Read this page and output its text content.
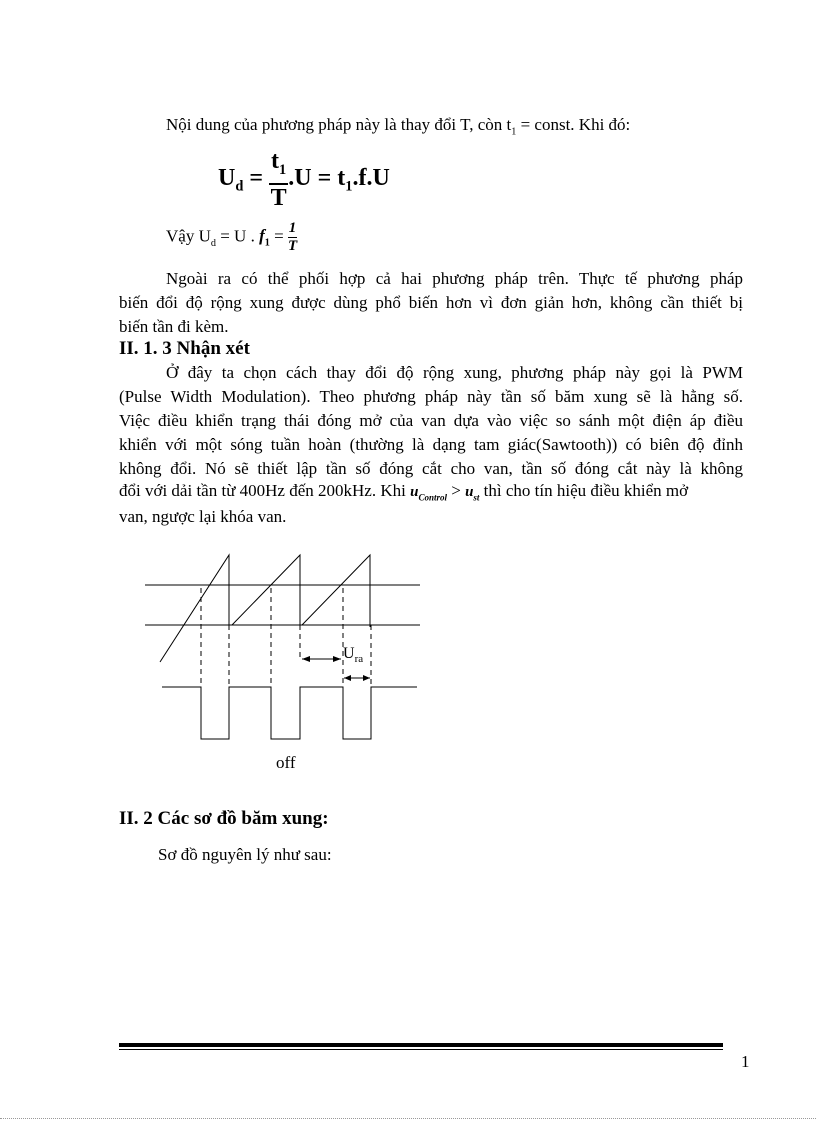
Nội dung của phương pháp này là thay đổi T, còn $t_1$ = const. Khi đó:
$U_d = \frac{t_1}{T} .U = t_1.f.U$
Vậy $U_d = U$ . $f_1 = \frac{1}{T}$
Ngoài ra có thể phối hợp cả hai phương pháp trên. Thực tế phương pháp
biến đổi độ rộng xung được dùng phổ biến hơn vì đơn giản hơn, không cần thiết bị
biến tần đi kèm.
II. 1. 3 Nhận xét
Ở đây ta chọn cách thay đổi độ rộng xung, phương pháp này gọi là PWM
(Pulse Width Modulation). Theo phương pháp này tần số băm xung sẽ là hằng số.
Việc điều khiển trạng thái đóng mở của van dựa vào việc so sánh một điện áp điều
khiển với một sóng tuần hoàn (thường là dạng tam giác(Sawtooth)) có biên độ đỉnh
không đổi. Nó sẽ thiết lập tần số đóng cắt cho van, tần số đóng cắt này là không
đổi với dải tần từ 400Hz đến 200kHz. Khi $u_{Control} > u_{st}$ thì cho tín hiệu điều khiển mở
van, ngược lại khóa van.
$U_{ra}$
off
II. 2 Các sơ đồ băm xung:
Sơ đồ nguyên lý như sau:
1
